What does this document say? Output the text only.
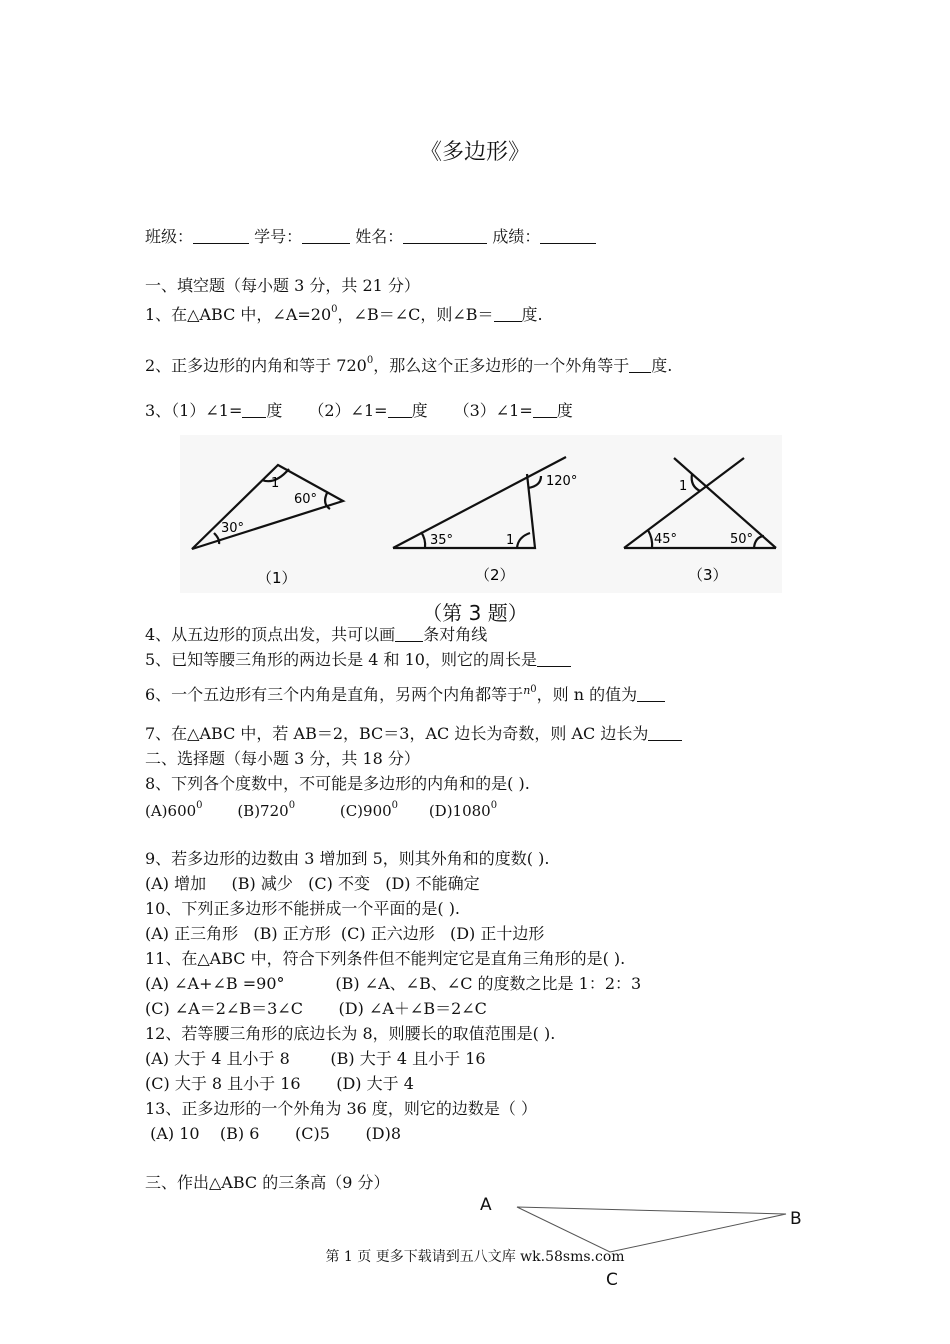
《多边形》
班级：	学号：	姓名：	成绩：
一、填空题（每小题 3 分，共 21 分）
1、在△ABC 中，$\angle A=20^0$，∠B＝∠C，则∠B＝ 度.
2、正多边形的内角和等于 $720^0$，那么这个正多边形的一个外角等于 度.
3、（1）∠1= 度 （2）∠1= 度 （3）∠1= 度
1
60°
30°
（1）
120°
35°	1
（2）
1
45°	50°
（3）
A
B
C
（第 3 题）
4、从五边形的顶点出发，共可以画 条对角线
5、已知等腰三角形的两边长是 4 和 10，则它的周长是
6、一个五边形有三个内角是直角，另两个内角都等于$^{n0}$，则 n 的值为
7、在△ABC 中，若 AB＝2，BC＝3，AC 边长为奇数，则 AC 边长为
二、选择题（每小题 3 分，共 18 分）
8、下列各个度数中，不可能是多边形的内角和的是( ).
$(A)600^0$ $(B)720^0$	$(C)900^0$ (D)1080$^0$
9、若多边形的边数由 3 增加到 5，则其外角和的度数( ).
(A) 增加     (B) 减少   (C) 不变   (D) 不能确定
10、下列正多边形不能拼成一个平面的是( ).
(A) 正三角形   (B) 正方形  (C) 正六边形   (D) 正十边形
11、在△ABC 中，符合下列条件但不能判定它是直角三角形的是( ).
(A) ∠A+∠B =90°          (B) ∠A、∠B、∠C 的度数之比是 1：2：3
(C) ∠A＝2∠B＝3∠C       (D) ∠A＋∠B＝2∠C
12、若等腰三角形的底边长为 8，则腰长的取值范围是( ).
(A) 大于 4 且小于 8        (B) 大于 4 且小于 16
(C) 大于 8 且小于 16       (D) 大于 4
13、正多边形的一个外角为 36 度，则它的边数是（ ）
(A) 10    (B) 6       (C)5       (D)8
三、作出△ABC 的三条高（9 分）
第 1 页 更多下载请到五八文库 wk.58sms.com
